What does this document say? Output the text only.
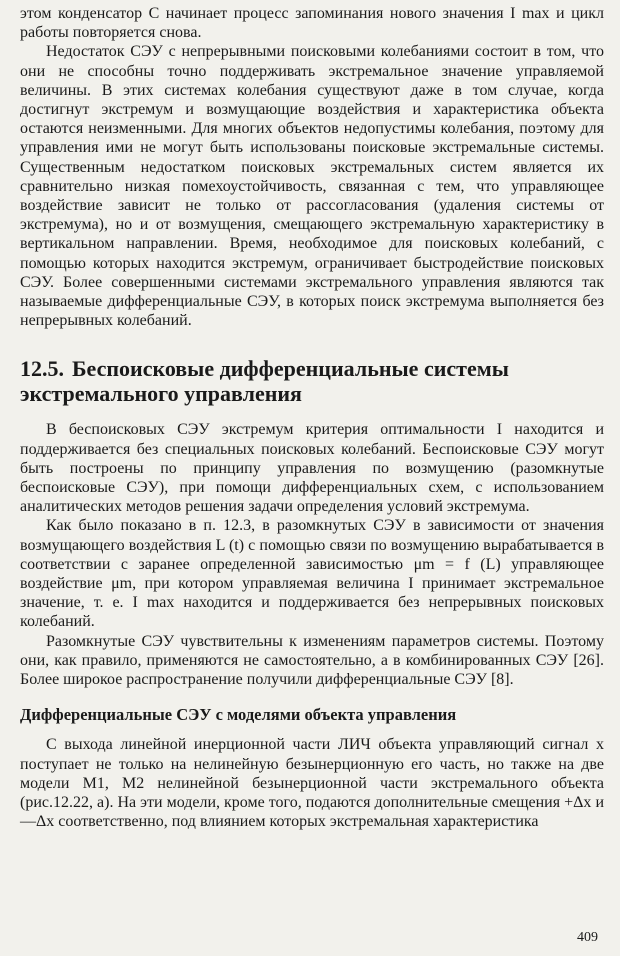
этом конденсатор C начинает процесс запоминания нового значения I max и цикл работы повторяется снова.

Недостаток СЭУ с непрерывными поисковыми колебаниями состоит в том, что они не способны точно поддерживать экстремальное значение управляемой величины. В этих системах колебания существуют даже в том случае, когда достигнут экстремум и возмущающие воздействия и характеристика объекта остаются неизменными. Для многих объектов недопустимы колебания, поэтому для управления ими не могут быть использованы поисковые экстремальные системы. Существенным недостатком поисковых экстремальных систем является их сравнительно низкая помехоустойчивость, связанная с тем, что управляющее воздействие зависит не только от рассогласования (удаления системы от экстремума), но и от возмущения, смещающего экстремальную характеристику в вертикальном направлении. Время, необходимое для поисковых колебаний, с помощью которых находится экстремум, ограничивает быстродействие поисковых СЭУ. Более совершенными системами экстремального управления являются так называемые дифференциальные СЭУ, в которых поиск экстремума выполняется без непрерывных колебаний.

12.5. Беспоисковые дифференциальные системы экстремального управления

В беспоисковых СЭУ экстремум критерия оптимальности I находится и поддерживается без специальных поисковых колебаний. Беспоисковые СЭУ могут быть построены по принципу управления по возмущению (разомкнутые беспоисковые СЭУ), при помощи дифференциальных схем, с использованием аналитических методов решения задачи определения условий экстремума.

Как было показано в п. 12.3, в разомкнутых СЭУ в зависимости от значения возмущающего воздействия L (t) с помощью связи по возмущению вырабатывается в соответствии с заранее определенной зависимостью μm = f (L) управляющее воздействие μm, при котором управляемая величина I принимает экстремальное значение, т. е. I max находится и поддерживается без непрерывных поисковых колебаний.

Разомкнутые СЭУ чувствительны к изменениям параметров системы. Поэтому они, как правило, применяются не самостоятельно, а в комбинированных СЭУ [26]. Более широкое распространение получили дифференциальные СЭУ [8].

Дифференциальные СЭУ с моделями объекта управления

С выхода линейной инерционной части ЛИЧ объекта управляющий сигнал x поступает не только на нелинейную безынерционную его часть, но также на две модели M1, M2 нелинейной безынерционной части экстремального объекта (рис.12.22, а). На эти модели, кроме того, подаются дополнительные смещения +Δx и —Δx соответственно, под влиянием которых экстремальная характеристика

409
